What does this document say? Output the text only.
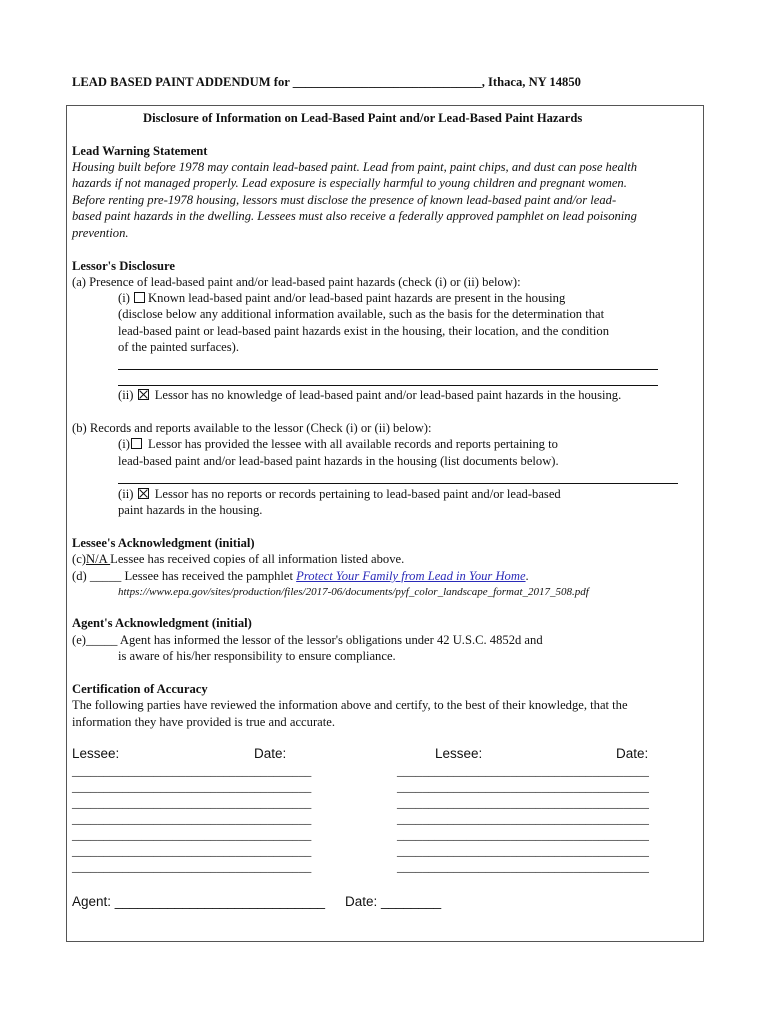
LEAD BASED PAINT ADDENDUM for ______________________________, Ithaca, NY 14850
Disclosure of Information on Lead-Based Paint and/or Lead-Based Paint Hazards
Lead Warning Statement
Housing built before 1978 may contain lead-based paint. Lead from paint, paint chips, and dust can pose health
hazards if not managed properly. Lead exposure is especially harmful to young children and pregnant women.
Before renting pre-1978 housing, lessors must disclose the presence of known lead-based paint and/or lead-
based paint hazards in the dwelling. Lessees must also receive a federally approved pamphlet on lead poisoning
prevention.
Lessor's Disclosure
(a) Presence of lead-based paint and/or lead-based paint hazards (check (i) or (ii) below):
(i) Known lead-based paint and/or lead-based paint hazards are present in the housing
(disclose below any additional information available, such as the basis for the determination that
lead-based paint or lead-based paint hazards exist in the housing, their location, and the condition
of the painted surfaces).
(ii) Lessor has no knowledge of lead-based paint and/or lead-based paint hazards in the housing.
(b) Records and reports available to the lessor (Check (i) or (ii) below):
(i) Lessor has provided the lessee with all available records and reports pertaining to
lead-based paint and/or lead-based paint hazards in the housing (list documents below).
(ii) Lessor has no reports or records pertaining to lead-based paint and/or lead-based
paint hazards in the housing.
Lessee's Acknowledgment (initial)
(c)N/A Lessee has received copies of all information listed above.
(d) _____ Lessee has received the pamphlet Protect Your Family from Lead in Your Home.
https://www.epa.gov/sites/production/files/2017-06/documents/pyf_color_landscape_format_2017_508.pdf
Agent's Acknowledgment (initial)
(e)_____ Agent has informed the lessor of the lessor's obligations under 42 U.S.C. 4852d and
is aware of his/her responsibility to ensure compliance.
Certification of Accuracy
The following parties have reviewed the information above and certify, to the best of their knowledge, that the
information they have provided is true and accurate.
Lessee:	Date:	Lessee:	Date:
______________________________________
______________________________________
______________________________________
______________________________________
______________________________________
______________________________________
______________________________________
________________________________________
________________________________________
________________________________________
________________________________________
________________________________________
________________________________________
________________________________________
Agent: ____________________________ Date: ________
